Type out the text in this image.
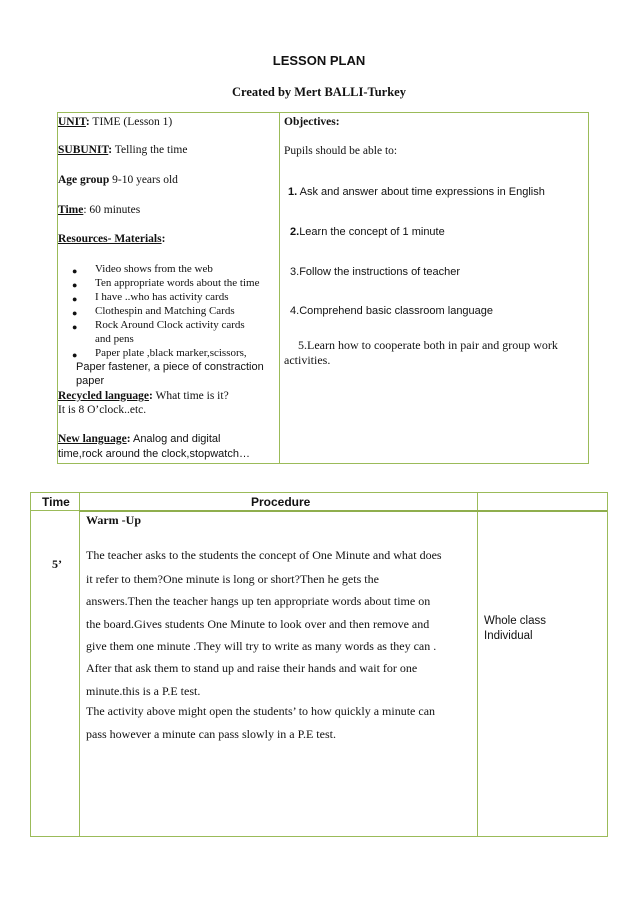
LESSON PLAN
Created by Mert BALLI-Turkey
UNIT: TIME (Lesson 1)
SUBUNIT: Telling the time
Age group 9-10 years old
Time: 60 minutes
Resources- Materials:
● Video shows from the web
● Ten appropriate words about the time
● I have ..who has activity cards
● Clothespin and Matching Cards
● Rock Around Clock activity cards
and pens
● Paper plate ,black marker,scissors,
Paper fastener, a piece of constraction
paper
Recycled language: What time is it?
It is 8 O’clock..etc.
New language: Analog and digital
time,rock around the clock,stopwatch…
Objectives:
Pupils should be able to:
1. Ask and answer about time expressions in English
2.Learn the concept of 1 minute
3.Follow the instructions of teacher
4.Comprehend basic classroom language
5.Learn how to cooperate both in pair and group work
activities.
Time	Procedure
5’
Warm -Up
The teacher asks to the students the concept of One Minute and what does
it refer to them?One minute is long or short?Then he gets the
answers.Then the teacher hangs up ten appropriate words about time on
the board.Gives students One Minute to look over and then remove and
give them one minute .They will try to write as many words as they can .
After that ask them to stand up and raise their hands and wait for one
minute.this is a P.E test.
The activity above might open the students’ to how quickly a minute can
pass however a minute can pass slowly in a P.E test.
Whole class
Individual
